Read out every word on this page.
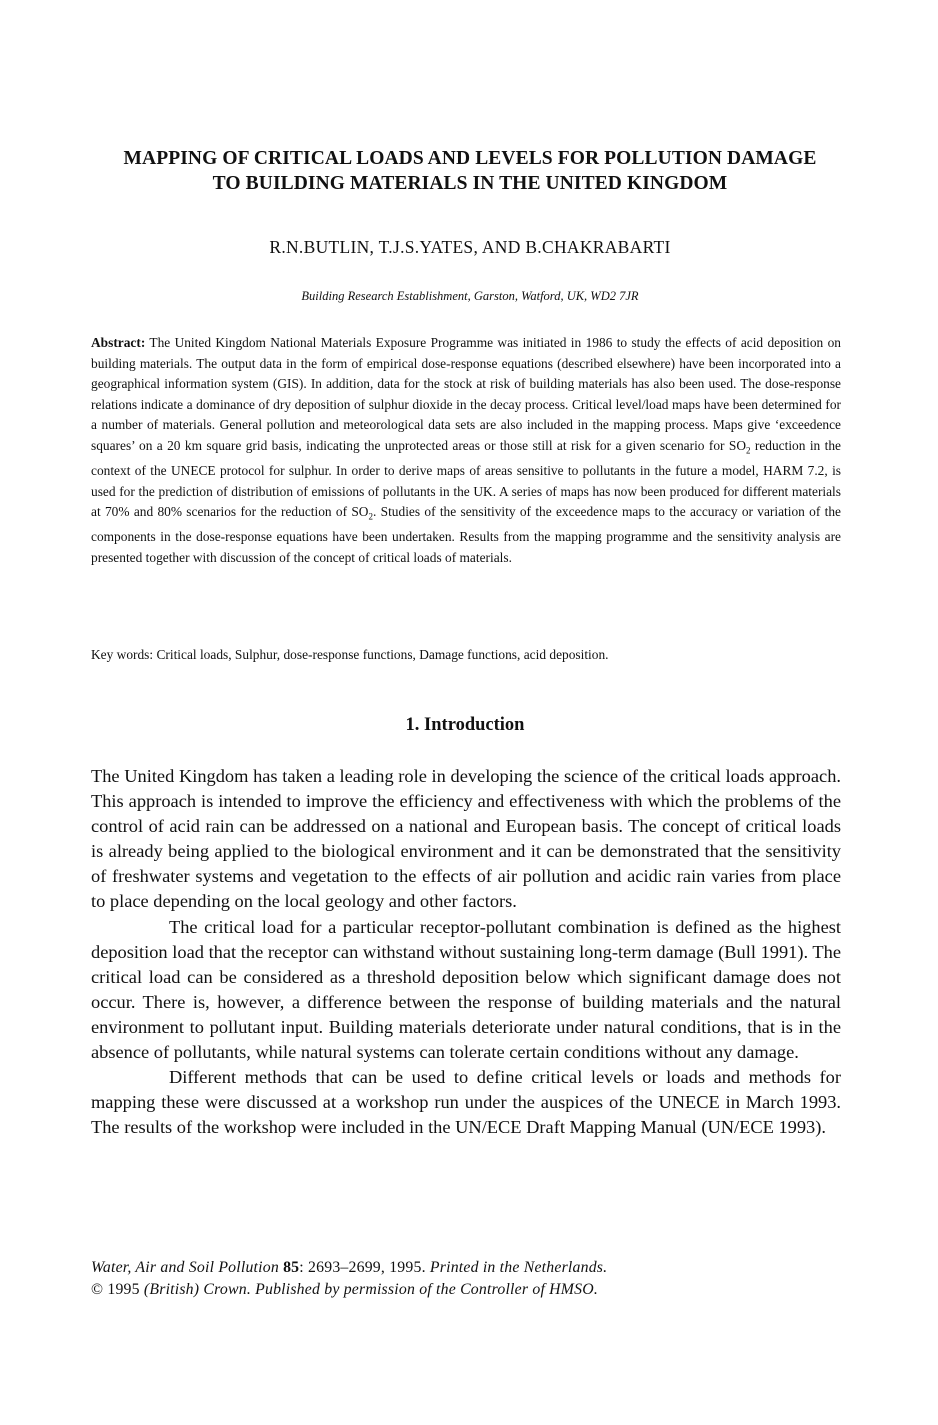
MAPPING OF CRITICAL LOADS AND LEVELS FOR POLLUTION DAMAGE
TO BUILDING MATERIALS IN THE UNITED KINGDOM
R.N.BUTLIN, T.J.S.YATES, AND B.CHAKRABARTI
Building Research Establishment, Garston, Watford, UK, WD2 7JR
Abstract: The United Kingdom National Materials Exposure Programme was initiated in 1986 to study the effects of acid deposition on building materials. The output data in the form of empirical dose-response equations (described elsewhere) have been incorporated into a geographical information system (GIS). In addition, data for the stock at risk of building materials has also been used. The dose-response relations indicate a dominance of dry deposition of sulphur dioxide in the decay process. Critical level/load maps have been determined for a number of materials. General pollution and meteorological data sets are also included in the mapping process. Maps give ‘exceedence squares’ on a 20 km square grid basis, indicating the unprotected areas or those still at risk for a given scenario for $SO_2$ reduction in the context of the UNECE protocol for sulphur. In order to derive maps of areas sensitive to pollutants in the future a model, HARM 7.2, is used for the prediction of distribution of emissions of pollutants in the UK. A series of maps has now been produced for different materials at 70% and 80% scenarios for the reduction of $SO_2$. Studies of the sensitivity of the exceedence maps to the accuracy or variation of the components in the dose-response equations have been undertaken. Results from the mapping programme and the sensitivity analysis are presented together with discussion of the concept of critical loads of materials.
Key words: Critical loads, Sulphur, dose-response functions, Damage functions, acid deposition.
1. Introduction

The United Kingdom has taken a leading role in developing the science of the critical loads approach. This approach is intended to improve the efficiency and effectiveness with which the problems of the control of acid rain can be addressed on a national and European basis. The concept of critical loads is already being applied to the biological environment and it can be demonstrated that the sensitivity of freshwater systems and vegetation to the effects of air pollution and acidic rain varies from place to place depending on the local geology and other factors.

The critical load for a particular receptor-pollutant combination is defined as the highest deposition load that the receptor can withstand without sustaining long-term damage (Bull 1991). The critical load can be considered as a threshold deposition below which significant damage does not occur. There is, however, a difference between the response of building materials and the natural environment to pollutant input. Building materials deteriorate under natural conditions, that is in the absence of pollutants, while natural systems can tolerate certain conditions without any damage.

Different methods that can be used to define critical levels or loads and methods for mapping these were discussed at a workshop run under the auspices of the UNECE in March 1993. The results of the workshop were included in the UN/ECE Draft Mapping Manual (UN/ECE 1993).

Water, Air and Soil Pollution 85: 2693–2699, 1995. Printed in the Netherlands.
© 1995 (British) Crown. Published by permission of the Controller of HMSO.
